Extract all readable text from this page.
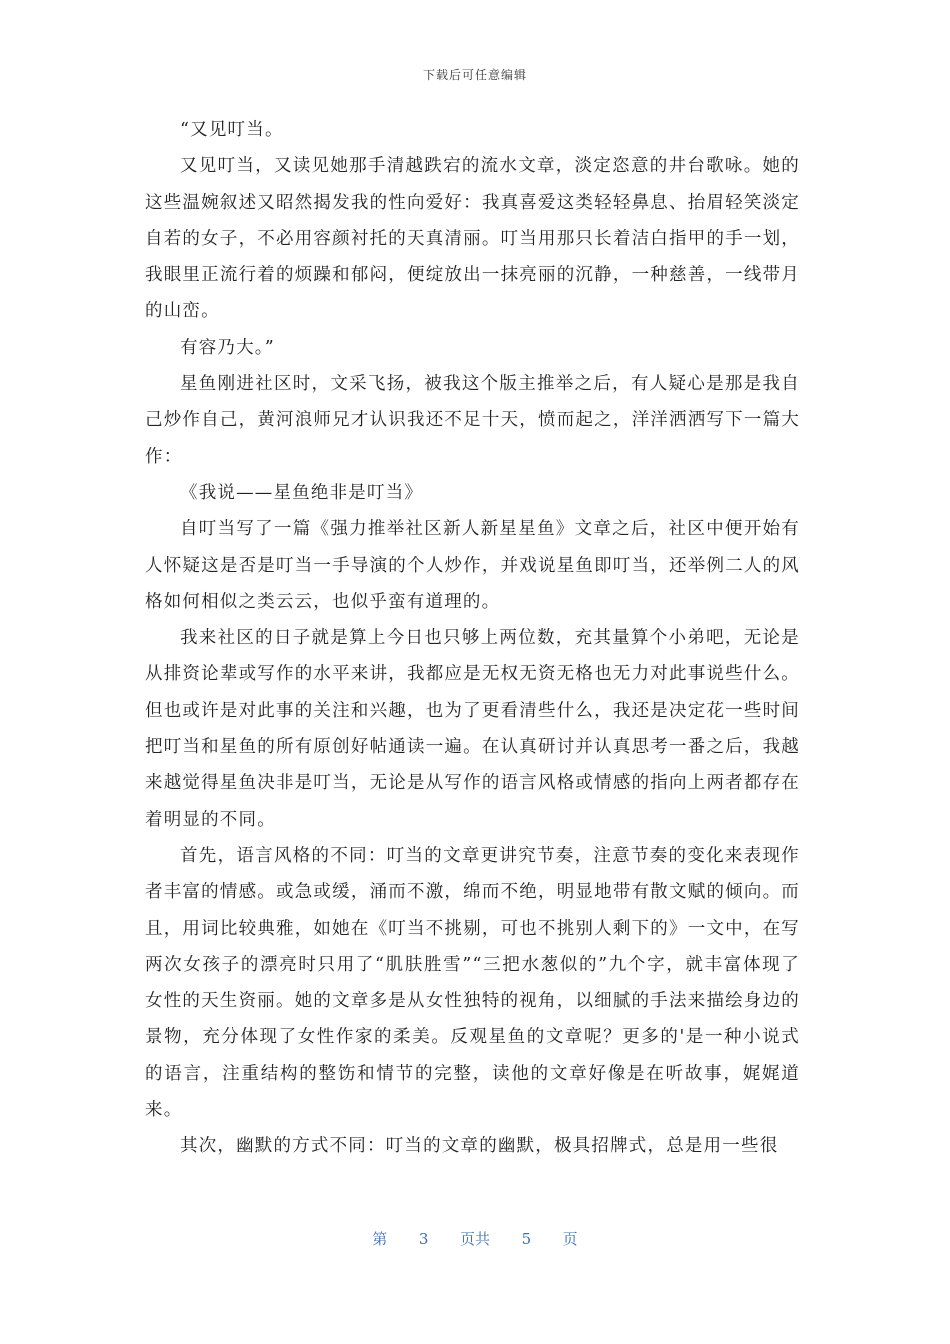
下载后可任意编辑

“又见叮当。

又见叮当，又读见她那手清越跌宕的流水文章，淡定恣意的井台歌咏。她的这些温婉叙述又昭然揭发我的性向爱好：我真喜爱这类轻轻鼻息、抬眉轻笑淡定自若的女子，不必用容颜衬托的天真清丽。叮当用那只长着洁白指甲的手一划，我眼里正流行着的烦躁和郁闷，便绽放出一抹亮丽的沉静，一种慈善，一线带月的山峦。

有容乃大。”

星鱼刚进社区时，文采飞扬，被我这个版主推举之后，有人疑心是那是我自己炒作自己，黄河浪师兄才认识我还不足十天，愤而起之，洋洋洒洒写下一篇大作：

《我说——星鱼绝非是叮当》

自叮当写了一篇《强力推举社区新人新星星鱼》文章之后，社区中便开始有人怀疑这是否是叮当一手导演的个人炒作，并戏说星鱼即叮当，还举例二人的风格如何相似之类云云，也似乎蛮有道理的。

我来社区的日子就是算上今日也只够上两位数，充其量算个小弟吧，无论是从排资论辈或写作的水平来讲，我都应是无权无资无格也无力对此事说些什么。但也或许是对此事的关注和兴趣，也为了更看清些什么，我还是决定花一些时间把叮当和星鱼的所有原创好帖通读一遍。在认真研讨并认真思考一番之后，我越来越觉得星鱼决非是叮当，无论是从写作的语言风格或情感的指向上两者都存在着明显的不同。

首先，语言风格的不同：叮当的文章更讲究节奏，注意节奏的变化来表现作者丰富的情感。或急或缓，涌而不激，绵而不绝，明显地带有散文赋的倾向。而且，用词比较典雅，如她在《叮当不挑剔，可也不挑别人剩下的》一文中，在写两次女孩子的漂亮时只用了“肌肤胜雪”“三把水葱似的”九个字，就丰富体现了女性的天生资丽。她的文章多是从女性独特的视角，以细腻的手法来描绘身边的景物，充分体现了女性作家的柔美。反观星鱼的文章呢？更多的'是一种小说式的语言，注重结构的整饬和情节的完整，读他的文章好像是在听故事，娓娓道来。

其次，幽默的方式不同：叮当的文章的幽默，极具招牌式，总是用一些很

第 3 页共 5 页
